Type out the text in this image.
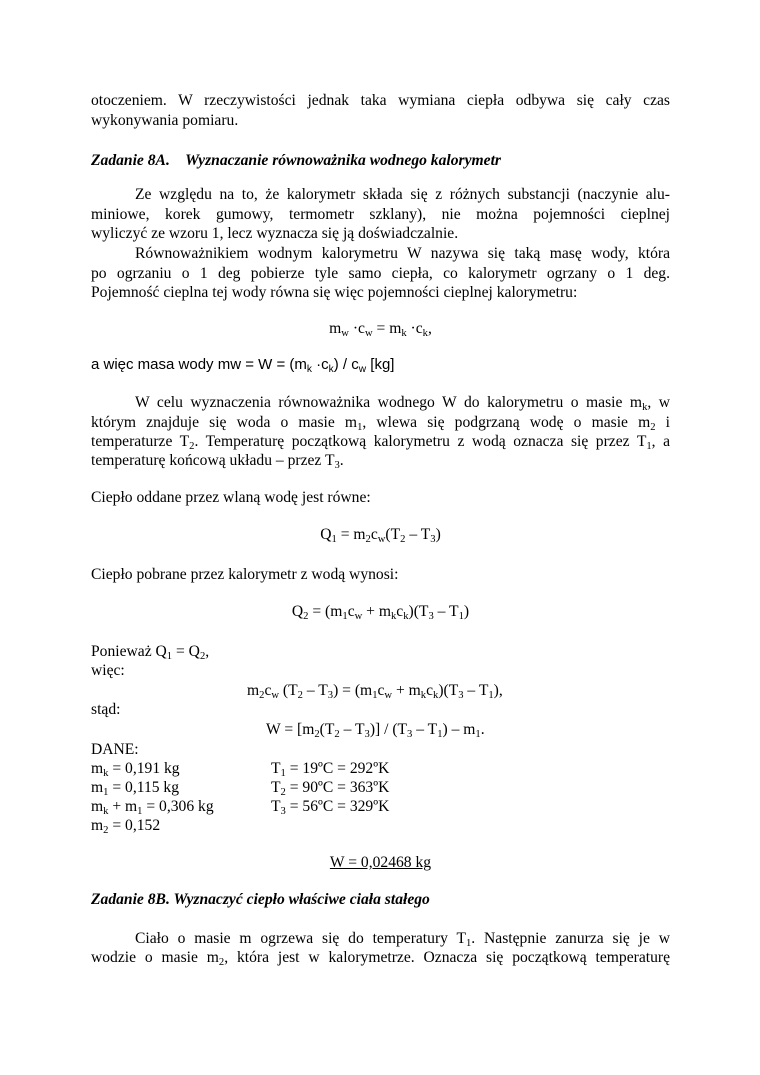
otoczeniem. W rzeczywistości jednak taka wymiana ciepła odbywa się cały czas
wykonywania pomiaru.
Zadanie 8A. Wyznaczanie równoważnika wodnego kalorymetr
Ze względu na to, że kalorymetr składa się z różnych substancji (naczynie alu-
miniowe, korek gumowy, termometr szklany), nie można pojemności cieplnej
wyliczyć ze wzoru 1, lecz wyznacza się ją doświadczalnie.
Równoważnikiem wodnym kalorymetru W nazywa się taką masę wody, która
po ogrzaniu o 1 deg pobierze tyle samo ciepła, co kalorymetr ogrzany o 1 deg.
Pojemność cieplna tej wody równa się więc pojemności cieplnej kalorymetru:
$m_w \cdot c_w = m_k \cdot c_k$,
a więc masa wody mw = $W = (m_k \cdot c_k) / c_w$ [kg]
W celu wyznaczenia równoważnika wodnego W do kalorymetru o masie $m_k$, w
którym znajduje się woda o masie $m_1$, wlewa się podgrzaną wodę o masie $m_2$ i
temperaturze $T_2$. Temperaturę początkową kalorymetru z wodą oznacza się przez $T_1$, a
temperaturę końcową układu – przez $T_3$.
Ciepło oddane przez wlaną wodę jest równe:
$Q_1 = m_2c_w(T_2 - T_3)$
Ciepło pobrane przez kalorymetr z wodą wynosi:
$Q_2 = (m_1c_w + m_kc_k)(T_3 - T_1)$
Ponieważ $Q_1 = Q_2$,
więc:
$m_2c_w$ $(T_2 - T_3) = (m_1c_w + m_kc_k)(T_3 - T_1)$,
stąd:
$W = [m_2(T_2 - T_3)] / (T_3 - T_1) - m_1$.
DANE:
$m_k = 0,191$ kg
$m_1 = 0,115$ kg
$m_k + m_1 = 0,306$ kg
$m_2 = 0,152$
$T_1$ = 19ºC = 292ºK
$T_2$ = 90ºC = 363ºK
$T_3$ = 56ºC = 329ºK
W = 0,02468 kg
Zadanie 8B. Wyznaczyć ciepło właściwe ciała stałego
Ciało o masie m ogrzewa się do temperatury $T_1$. Następnie zanurza się je w
wodzie o masie $m_2$, która jest w kalorymetrze. Oznacza się początkową temperaturę
